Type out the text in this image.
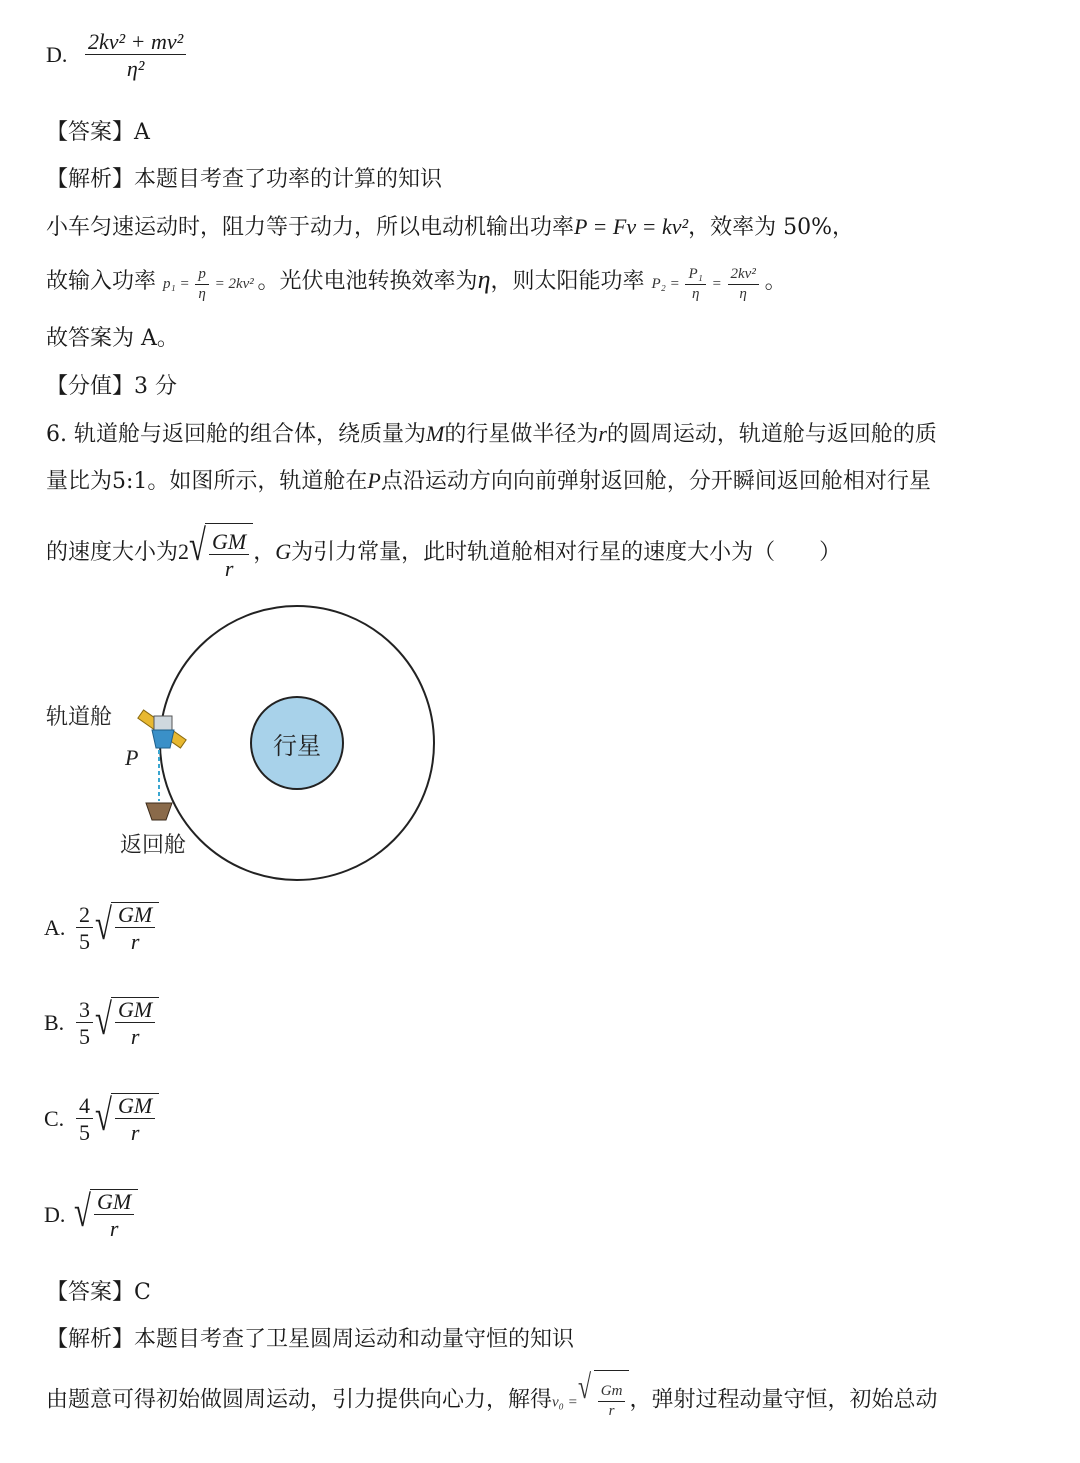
D. $\frac{\text{2kv² + mv²}}{\text{η²}}$
【答案】A
【解析】本题目考查了功率的计算的知识
小车匀速运动时，阻力等于动力，所以电动机输出功率P = Fv = kv²，效率为 50%，
故输入功率 $p_1 = \frac{p}{\eta} = 2kv^2$ 。光伏电池转换效率为η，则太阳能功率 $P_2 = \frac{\text{P₁}}{\eta} = \frac{\text{2kv²}}{\eta}$ 。
故答案为 A。
【分值】3 分
6. 轨道舱与返回舱的组合体，绕质量为M的行星做半径为r的圆周运动，轨道舱与返回舱的质
量比为5:1。如图所示，轨道舱在P点沿运动方向向前弹射返回舱，分开瞬间返回舱相对行星
的速度大小为2 √ $\frac{GM}{r}$ ，G为引力常量，此时轨道舱相对行星的速度大小为（　　）
行星
轨道舱
P
返回舱
A. $\frac{2}{5}$ √ $\frac{GM}{r}$
B. $\frac{3}{5}$ √ $\frac{GM}{r}$
C. $\frac{4}{5}$ √ $\frac{GM}{r}$
D. √ $\frac{GM}{r}$
【答案】C
【解析】本题目考查了卫星圆周运动和动量守恒的知识
由题意可得初始做圆周运动，引力提供向心力，解得v₀ = √ $\frac{Gm}{r}$ ，弹射过程动量守恒，初始总动
